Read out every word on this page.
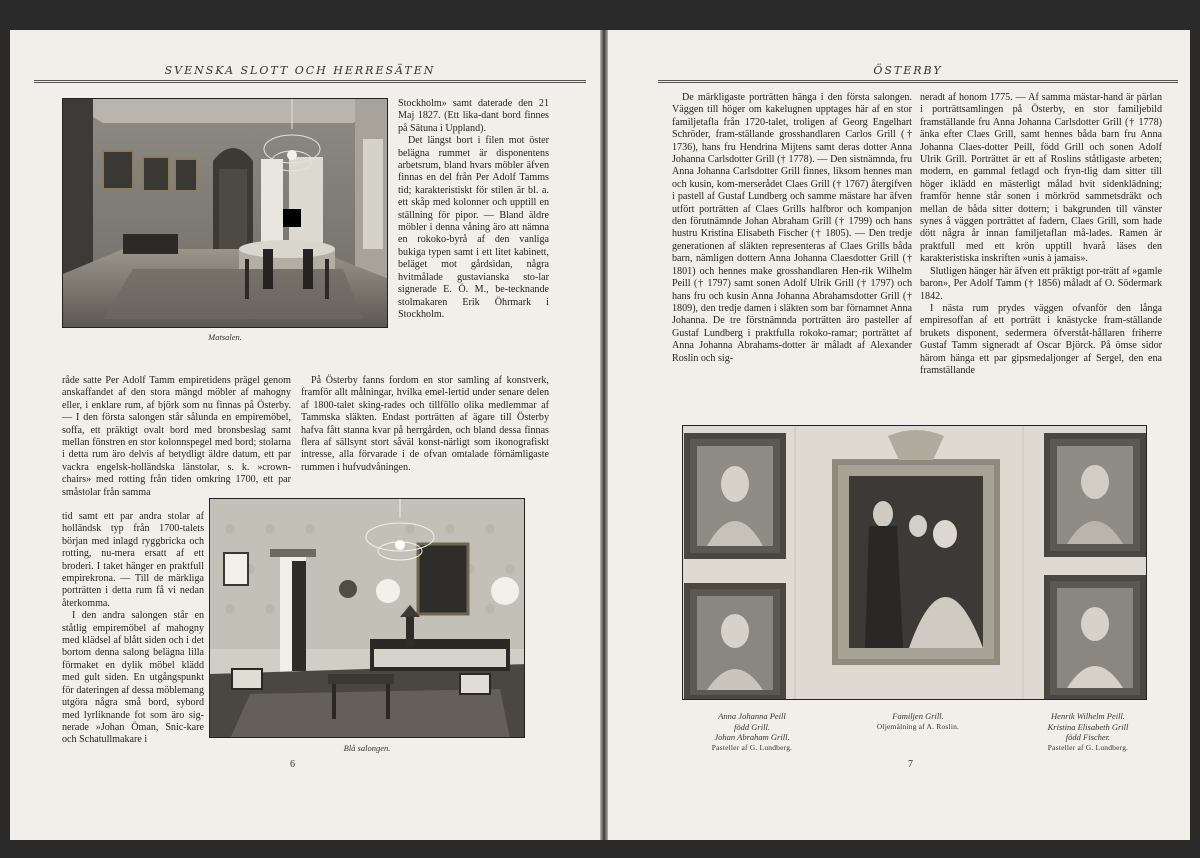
SVENSKA SLOTT OCH HERRESÄTEN
Matsalen.

Stockholm» samt daterade den 21 Maj 1827. (Ett lika-dant bord finnes på Sätuna i Uppland).

Det längst bort i filen mot öster belägna rummet är disponentens arbetsrum, bland hvars möbler äfven finnas en del från Per Adolf Tamms tid; karakteristiskt för stilen är bl. a. ett skåp med kolonner och upptill en ställning för pipor. — Bland äldre möbler i denna våning äro att nämna en rokoko-byrå af den vanliga bukiga typen samt i ett litet kabinett, beläget mot gårdsidan, några hvitmålade gustavianska sto-lar signerade E. Ö. M., be-tecknande stolmakaren Erik Öhrmark i Stockholm.

råde satte Per Adolf Tamm empiretidens prägel genom anskaffandet af den stora mängd möbler af mahogny eller, i enklare rum, af björk som nu finnas på Österby. — I den första salongen står sålunda en empiremöbel, soffa, ett präktigt ovalt bord med bronsbeslag samt mellan fönstren en stor kolonnspegel med bord; stolarna i detta rum äro delvis af betydligt äldre datum, ett par vackra engelsk-holländska länstolar, s. k. »crown-chairs» med rotting från tiden omkring 1700, ett par småstolar från samma

tid samt ett par andra stolar af holländsk typ från 1700-talets början med inlagd ryggbricka och rotting, nu-mera ersatt af ett broderi. I taket hänger en praktfull empirekrona. — Till de märkliga porträtten i detta rum få vi nedan återkomma.

I den andra salongen står en ståtlig empiremöbel af mahogny med klädsel af blått siden och i det bortom denna salong belägna lilla förmaket en dylik möbel klädd med gult siden. En utgångspunkt för dateringen af dessa möblemang utgöra några små bord, sybord med lyrliknande fot som äro sig-nerade »Johan Öman, Snic-kare och Schatullmakare i

På Österby fanns fordom en stor samling af konstverk, framför allt målningar, hvilka emel-lertid under senare delen af 1800-talet sking-rades och tillföllo olika medlemmar af Tammska släkten. Endast porträtten af ägare till Österby hafva fått stanna kvar på herrgården, och bland dessa finnas flera af sällsynt stort såväl konst-närligt som ikonografiskt intresse, alla förvarade i de ofvan omtalade förnämligaste rummen i hufvudvåningen.

Blå salongen.
6
ÖSTERBY

De märkligaste porträtten hänga i den första salongen. Väggen till höger om kakelugnen upptages här af en stor familjetafla från 1720-talet, troligen af Georg Engelhart Schröder, fram-ställande grosshandlaren Carlos Grill († 1736), hans fru Hendrina Mijtens samt deras dotter Anna Johanna Carlsdotter Grill († 1778). — Den sistnämnda, fru Anna Johanna Carlsdotter Grill finnes, liksom hennes man och kusin, kom-merserådet Claes Grill († 1767) återgifven i pastell af Gustaf Lundberg och samme mästare har äfven utfört porträtten af Claes Grills halfbror och kompanjon den förutnämnde Johan Abraham Grill († 1799) och hans hustru Kristina Elisabeth Fischer († 1805). — Den tredje generationen af släkten representeras af Claes Grills båda barn, nämligen dottern Anna Johanna Claesdotter Grill († 1801) och hennes make grosshandlaren Hen-rik Wilhelm Peill († 1797) samt sonen Adolf Ulrik Grill († 1797) och hans fru och kusin Anna Johanna Abrahamsdotter Grill († 1809), den tredje damen i släkten som bar förnamnet Anna Johanna. De tre förstnämnda porträtten äro pasteller af Gustaf Lundberg i praktfulla rokoko-ramar; porträttet af Anna Johanna Abrahams-dotter är måladt af Alexander Roslin och sig-

neradt af honom 1775. — Af samma mästar-hand är pärlan i porträttsamlingen på Österby, en stor familjebild framställande fru Anna Johanna Carlsdotter Grill († 1778) änka efter Claes Grill, samt hennes båda barn fru Anna Johanna Claes-dotter Peill, född Grill och sonen Adolf Ulrik Grill. Porträttet är ett af Roslins ståtligaste arbeten; modern, en gammal fetlagd och fryn-tlig dam sitter till höger iklädd en mästerligt målad hvit sidenklädning; framför henne står sonen i mörkröd sammetsdräkt och mellan de båda sitter dottern; i bakgrunden till vänster synes å väggen porträttet af fadern, Claes Grill, som hade dött några år innan familjetaflan må-lades. Ramen är praktfull med ett krön upptill hvarå läses den karakteristiska inskriften »unis à jamais».

Slutligen hänger här äfven ett präktigt por-trätt af »gamle baron», Per Adolf Tamm († 1856) måladt af O. Södermark 1842.

I nästa rum prydes väggen ofvanför den långa empiresoffan af ett porträtt i knästycke fram-ställande brukets disponent, sedermera öfverståt-hållaren friherre Gustaf Tamm signeradt af Oscar Björck. På ömse sidor härom hänga ett par gipsmedaljonger af Sergel, den ena framställande

Anna Johanna Peill
född Grill.
Johan Abraham Grill.
Pasteller af G. Lundberg.
Familjen Grill.
Oljemålning af A. Roslin.
Henrik Wilhelm Peill.
Kristina Elisabeth Grill
född Fischer.
Pasteller af G. Lundberg.
7
